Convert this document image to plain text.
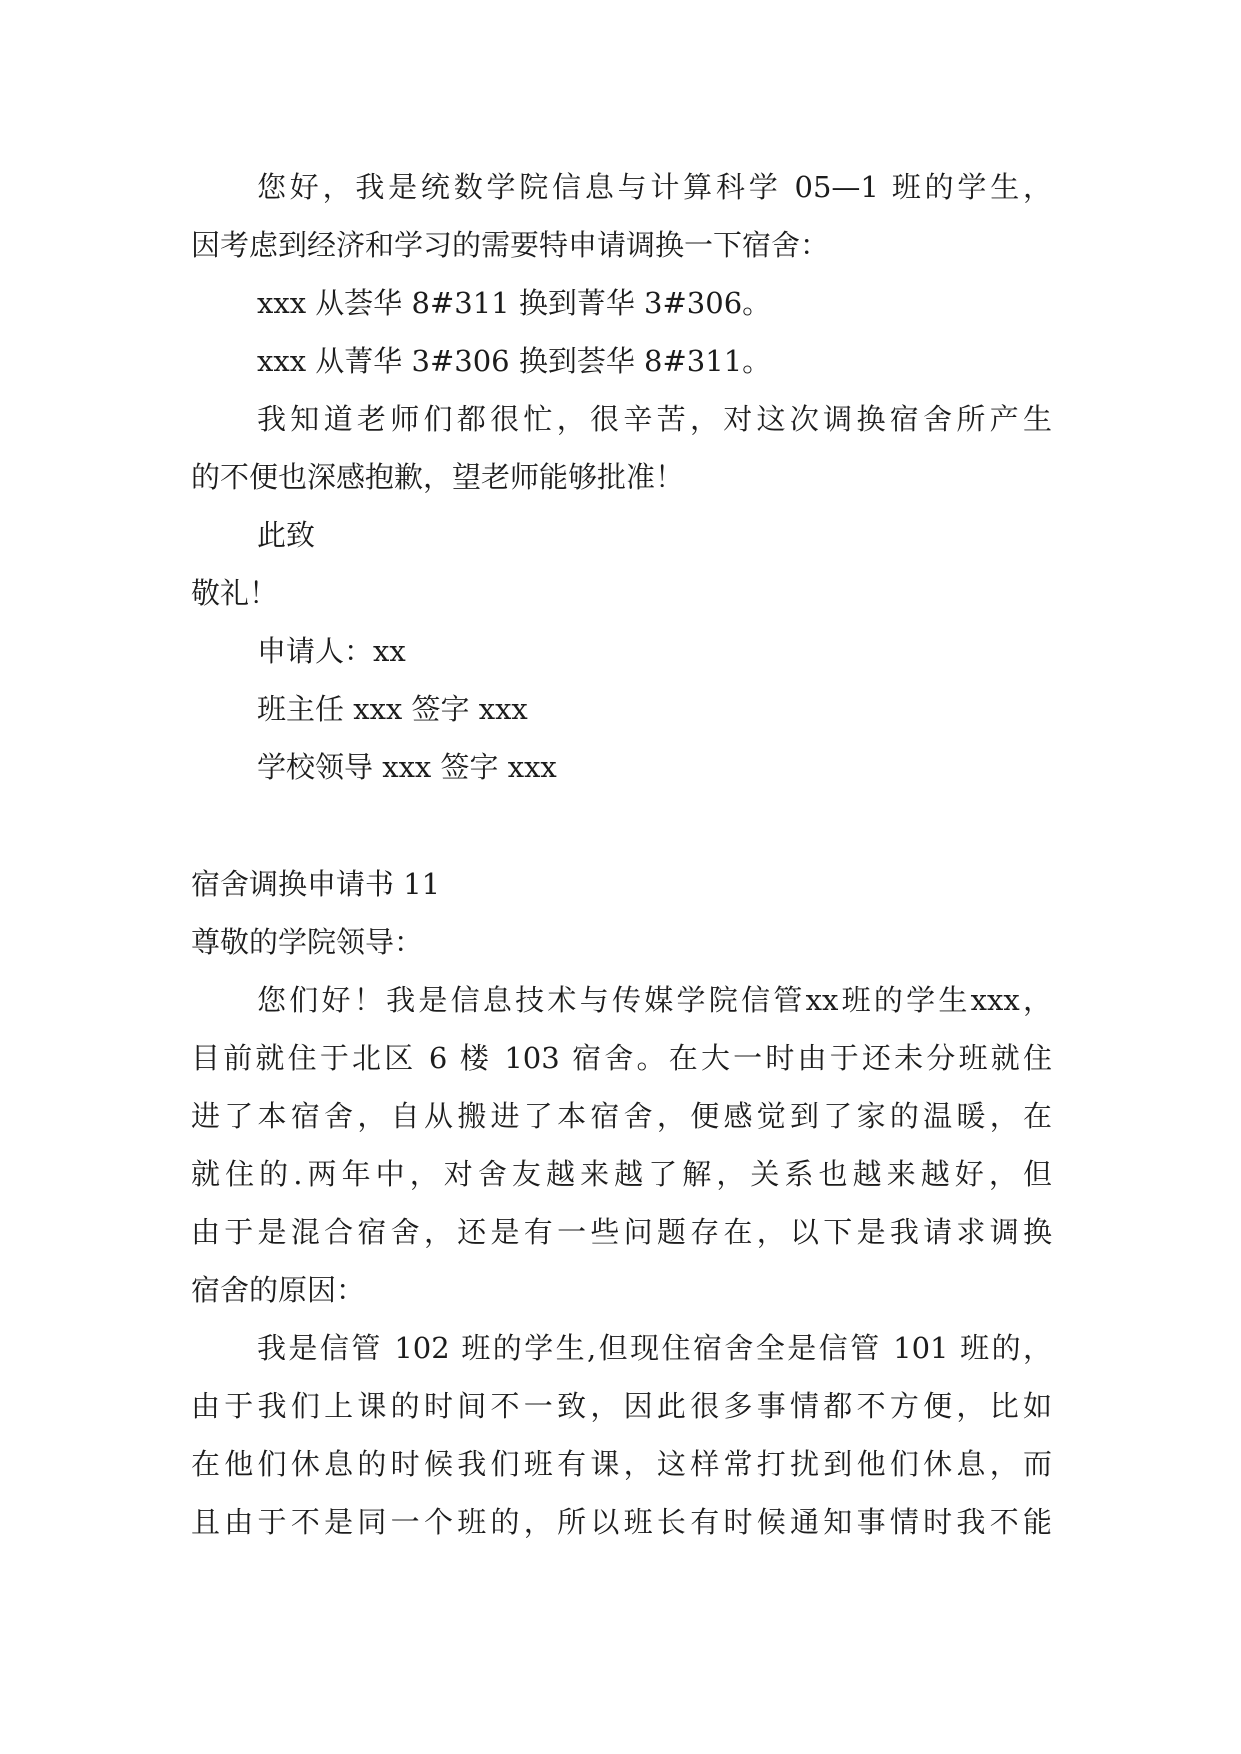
您好，我是统数学院信息与计算科学 05—1 班的学生，
因考虑到经济和学习的需要特申请调换一下宿舍：
xxx 从荟华 8#311 换到菁华 3#306。
xxx 从菁华 3#306 换到荟华 8#311。
我知道老师们都很忙，很辛苦，对这次调换宿舍所产生
的不便也深感抱歉，望老师能够批准！
此致
敬礼！
申请人：xx
班主任 xxx 签字 xxx
学校领导 xxx 签字 xxx
宿舍调换申请书 11
尊敬的学院领导：
您们好！我是信息技术与传媒学院信管xx班的学生xxx，
目前就住于北区 6 楼 103 宿舍。在大一时由于还未分班就住
进了本宿舍，自从搬进了本宿舍，便感觉到了家的温暖，在
就住的.两年中，对舍友越来越了解，关系也越来越好，但
由于是混合宿舍，还是有一些问题存在，以下是我请求调换
宿舍的原因：
我是信管 102 班的学生,但现住宿舍全是信管 101 班的，
由于我们上课的时间不一致，因此很多事情都不方便，比如
在他们休息的时候我们班有课，这样常打扰到他们休息，而
且由于不是同一个班的，所以班长有时候通知事情时我不能
